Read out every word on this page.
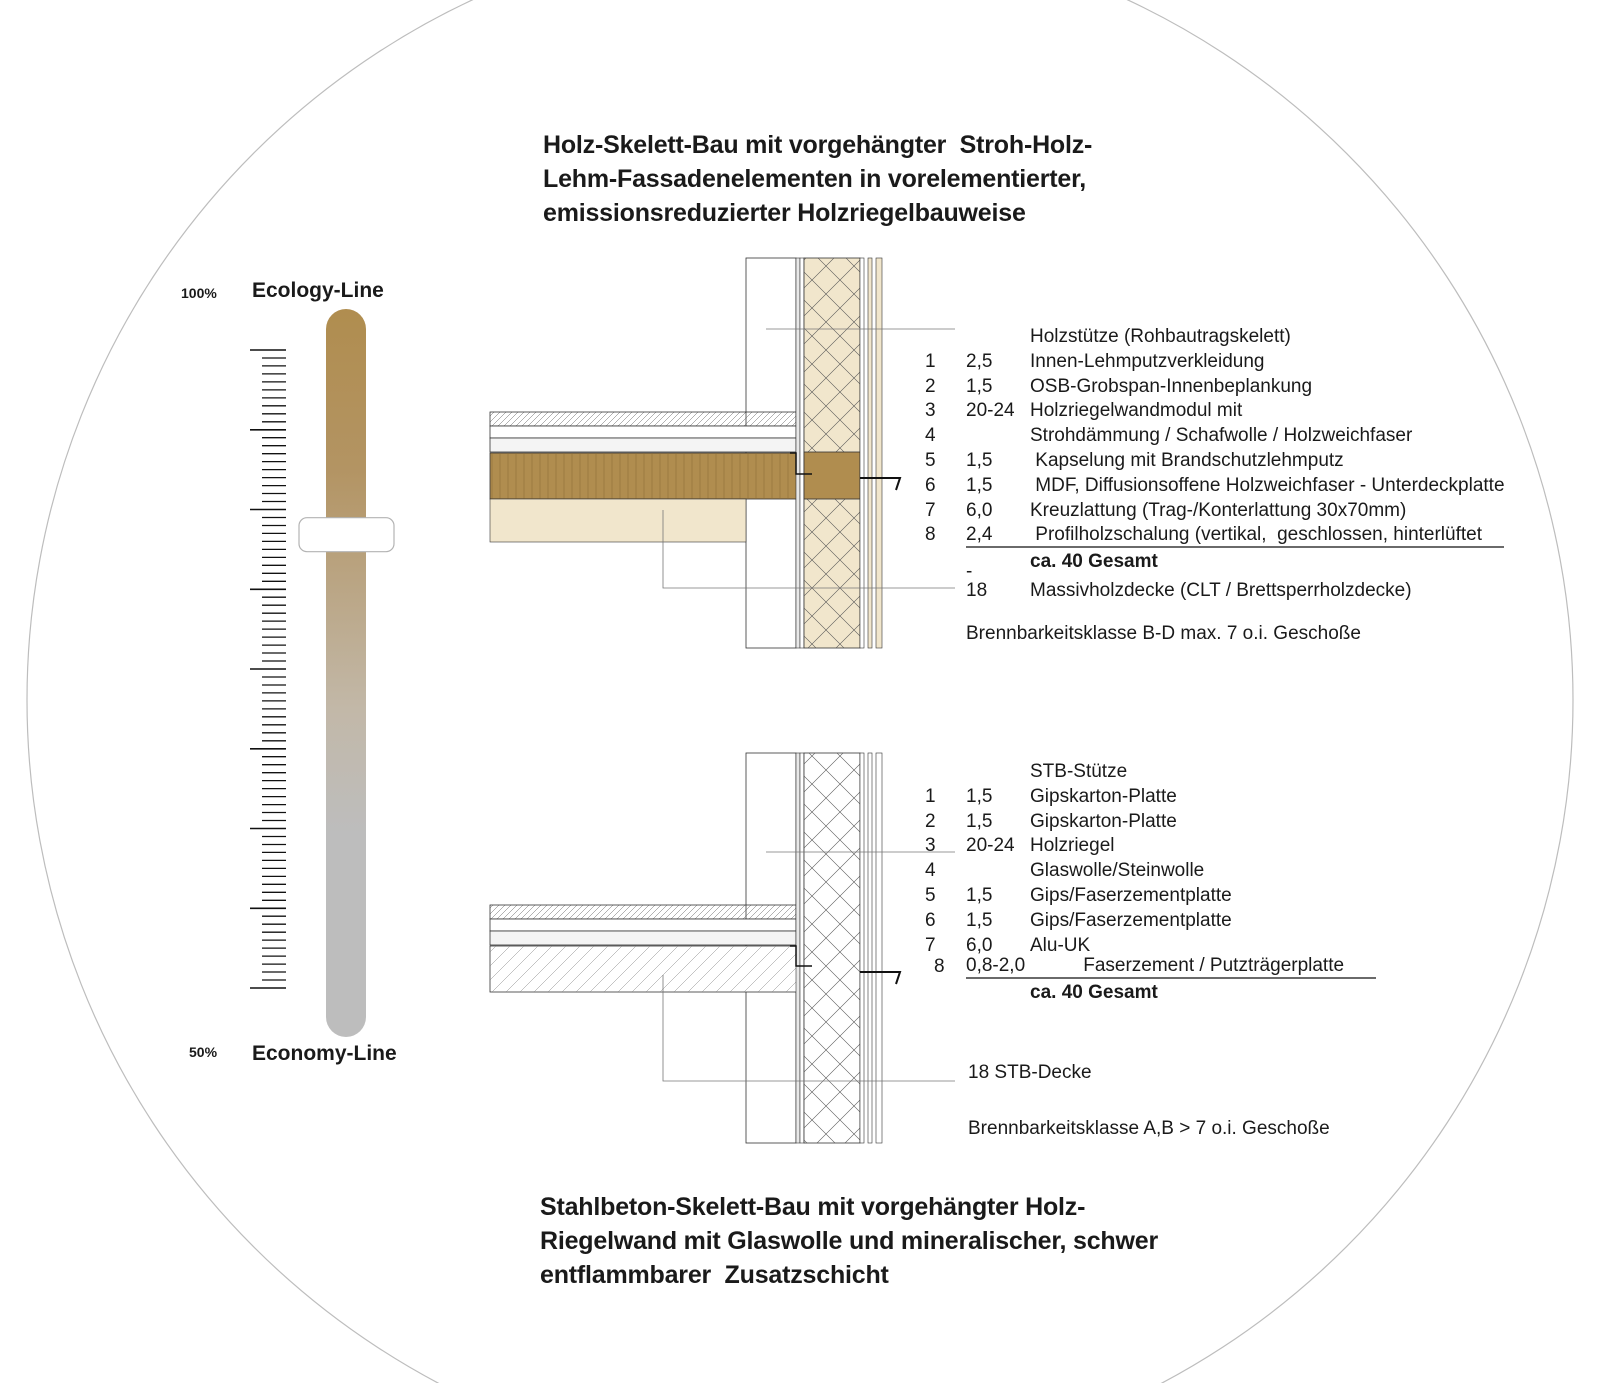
Holz-Skelett-Bau mit vorgehängter  Stroh-Holz-
Lehm-Fassadenelementen in vorelementierter,
emissionsreduzierter Holzriegelbauweise
Stahlbeton-Skelett-Bau mit vorgehängter Holz-
Riegelwand mit Glaswolle und mineralischer, schwer
entflammbarer  Zusatzschicht
100% Ecology-Line
50% Economy-Line
Holzstütze (Rohbautragskelett)
1 2,5 Innen-Lehmputzverkleidung
2 1,5 OSB-Grobspan-Innenbeplankung
3 20-24 Holzriegelwandmodul mit
4	Strohdämmung / Schafwolle / Holzweichfaser
5 1,5 Kapselung mit Brandschutzlehmputz
6 1,5 MDF, Diffusionsoffene Holzweichfaser - Unterdeckplatte
7 6,0 Kreuzlattung (Trag-/Konterlattung 30x70mm)
8 2,4 Profilholzschalung (vertikal,  geschlossen, hinterlüftet
-	ca. 40 Gesamt
18 Massivholzdecke (CLT / Brettsperrholzdecke)
Brennbarkeitsklasse B-D max. 7 o.i. Geschoße
STB-Stütze
1 1,5 Gipskarton-Platte
2 1,5 Gipskarton-Platte
3 20-24 Holzriegel
4	Glaswolle/Steinwolle
5 1,5 Gips/Faserzementplatte
6 1,5 Gips/Faserzementplatte
7 6,0 Alu-UK
8 0,8-2,0           Faserzement / Putzträgerplatte
ca. 40 Gesamt
18 STB-Decke
Brennbarkeitsklasse A,B > 7 o.i. Geschoße
